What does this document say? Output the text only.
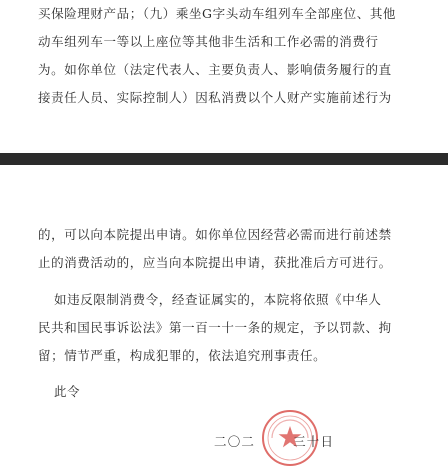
买保险理财产品；（九）乘坐G字头动车组列车全部座位、其他
动车组列车一等以上座位等其他非生活和工作必需的消费行
为。如你单位（法定代表人、主要负责人、影响债务履行的直
接责任人员、实际控制人）因私消费以个人财产实施前述行为
的，可以向本院提出申请。如你单位因经营必需而进行前述禁
止的消费活动的，应当向本院提出申请，获批准后方可进行。
如违反限制消费令，经查证属实的，本院将依照《中华人
民共和国民事诉讼法》第一百一十一条的规定，予以罚款、拘
留；情节严重，构成犯罪的，依法追究刑事责任。
此令
二〇二	三十日
